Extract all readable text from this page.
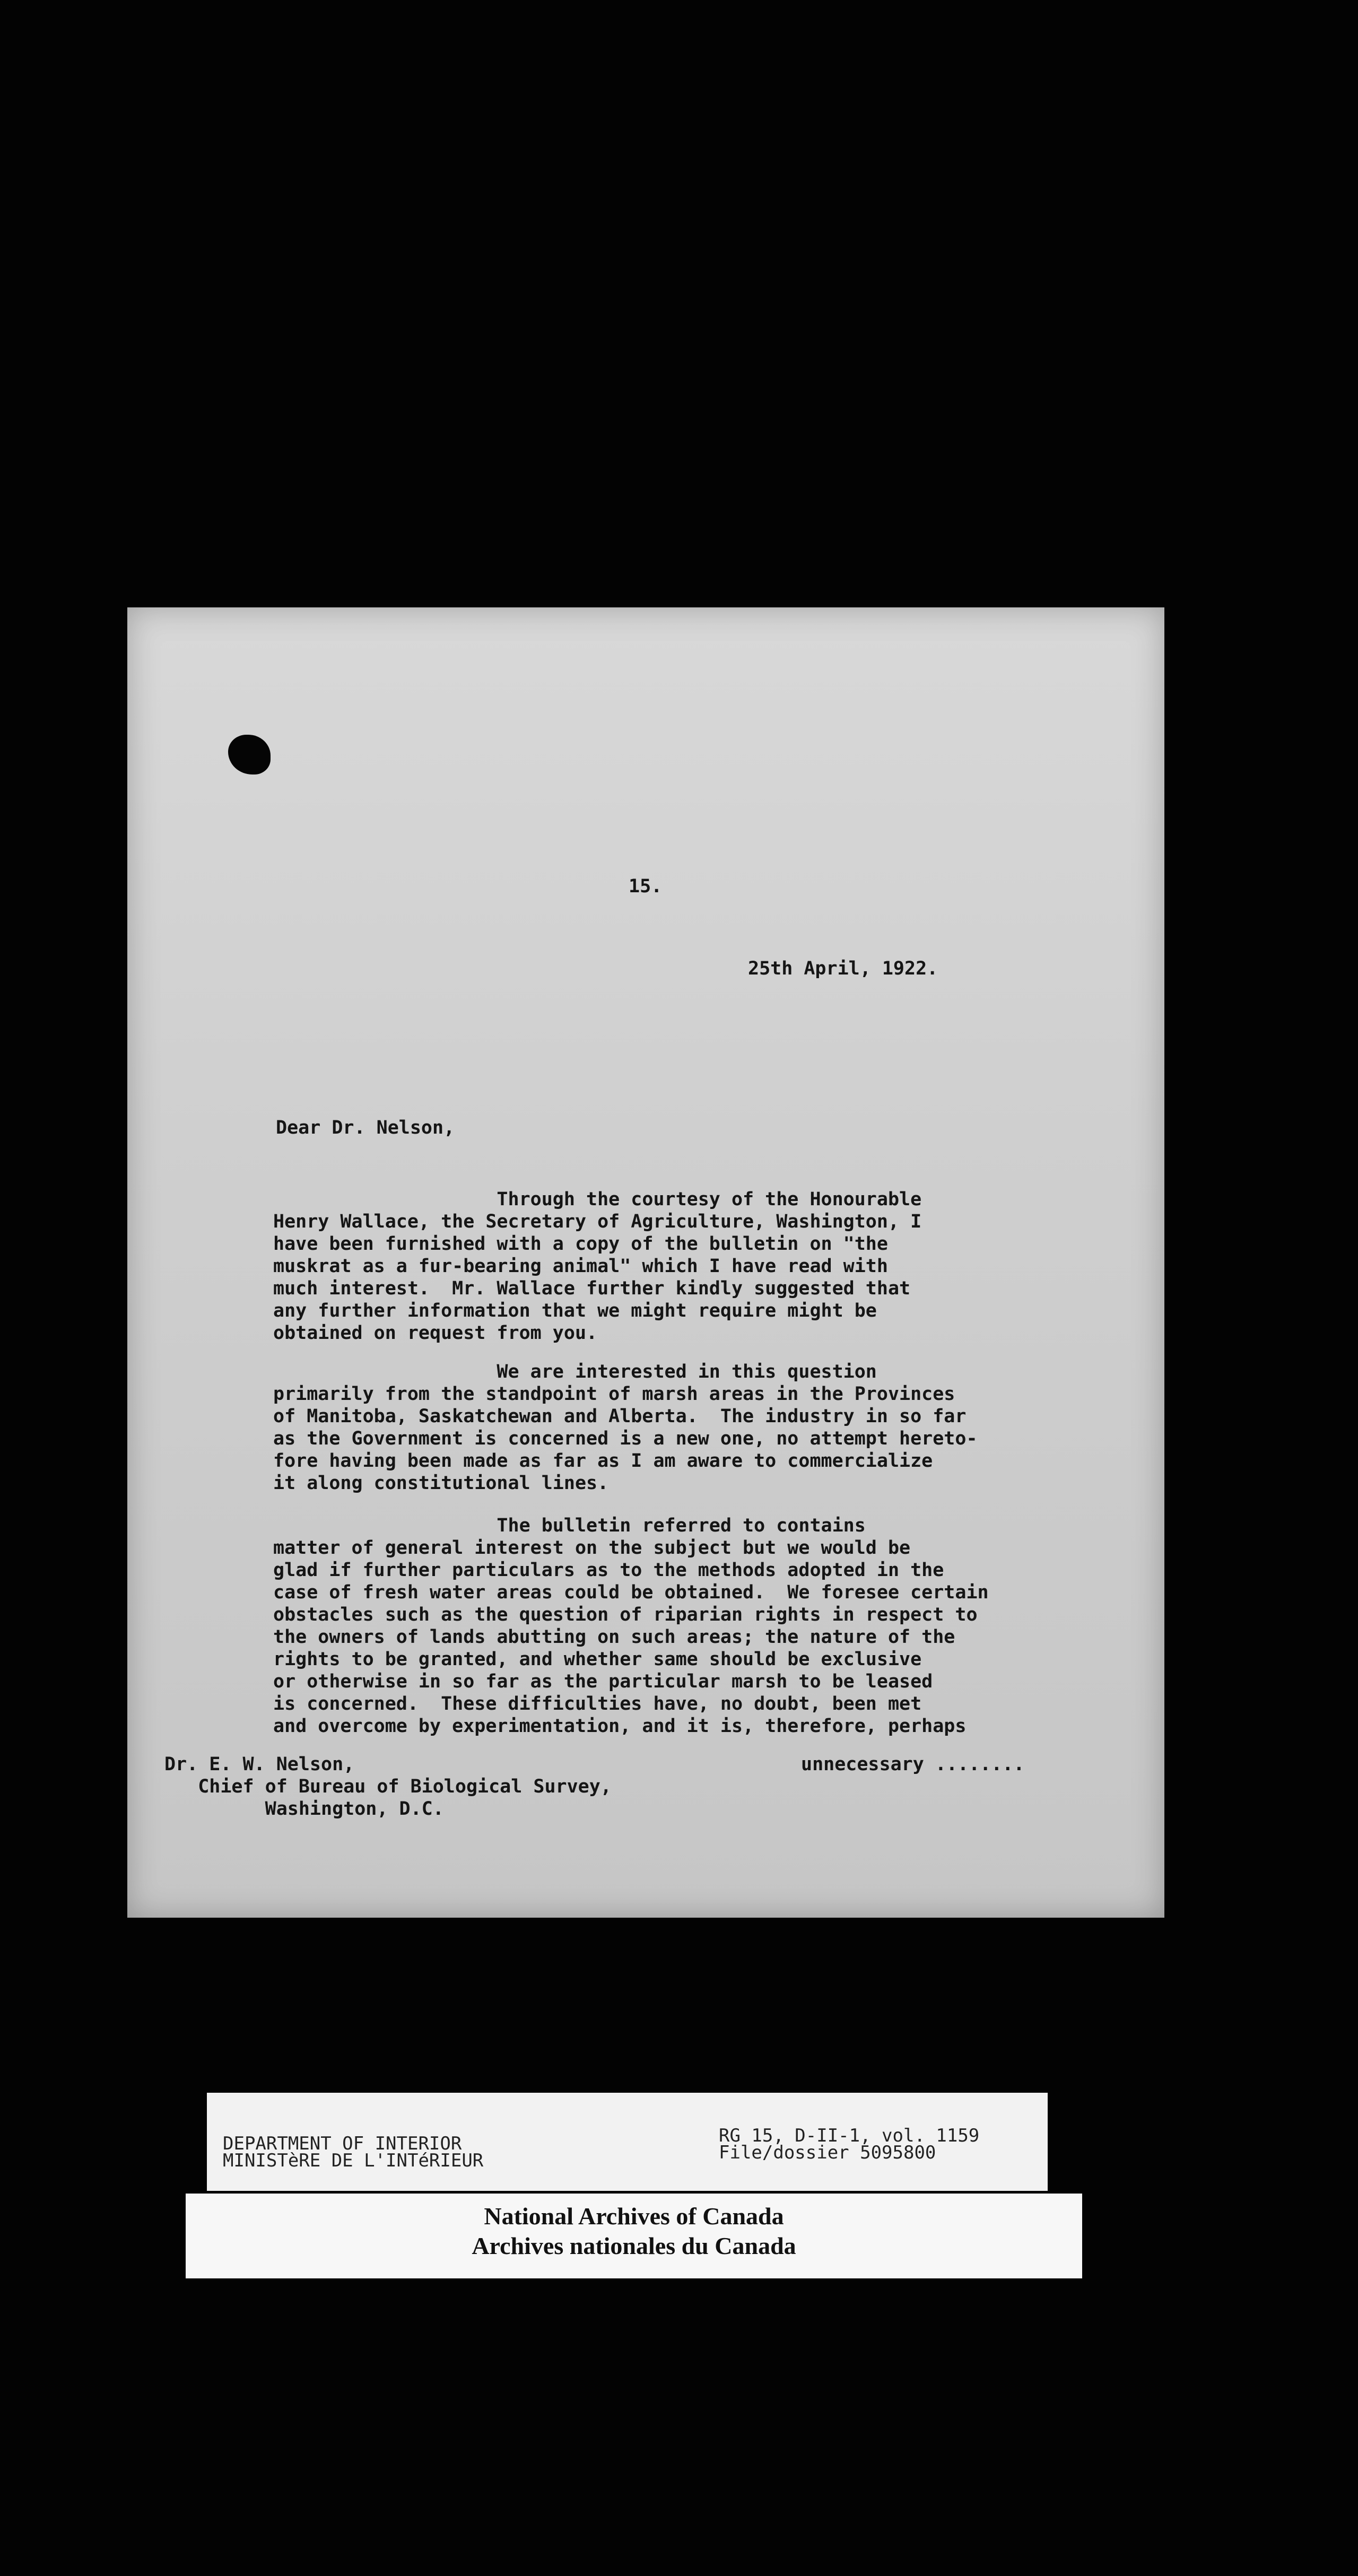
15.
25th April, 1922.
Dear Dr. Nelson,
Through the courtesy of the Honourable
Henry Wallace, the Secretary of Agriculture, Washington, I
have been furnished with a copy of the bulletin on "the
muskrat as a fur-bearing animal" which I have read with
much interest.  Mr. Wallace further kindly suggested that
any further information that we might require might be
obtained on request from you.
We are interested in this question
primarily from the standpoint of marsh areas in the Provinces
of Manitoba, Saskatchewan and Alberta.  The industry in so far
as the Government is concerned is a new one, no attempt hereto-
fore having been made as far as I am aware to commercialize
it along constitutional lines.
The bulletin referred to contains
matter of general interest on the subject but we would be
glad if further particulars as to the methods adopted in the
case of fresh water areas could be obtained.  We foresee certain
obstacles such as the question of riparian rights in respect to
the owners of lands abutting on such areas; the nature of the
rights to be granted, and whether same should be exclusive
or otherwise in so far as the particular marsh to be leased
is concerned.  These difficulties have, no doubt, been met
and overcome by experimentation, and it is, therefore, perhaps
unnecessary ........
Dr. E. W. Nelson,
Chief of Bureau of Biological Survey,
Washington, D.C.
DEPARTMENT OF INTERIOR
MINISTèRE DE L'INTéRIEUR
RG 15, D-II-1, vol. 1159
File/dossier 5095800
National Archives of Canada
Archives nationales du Canada
